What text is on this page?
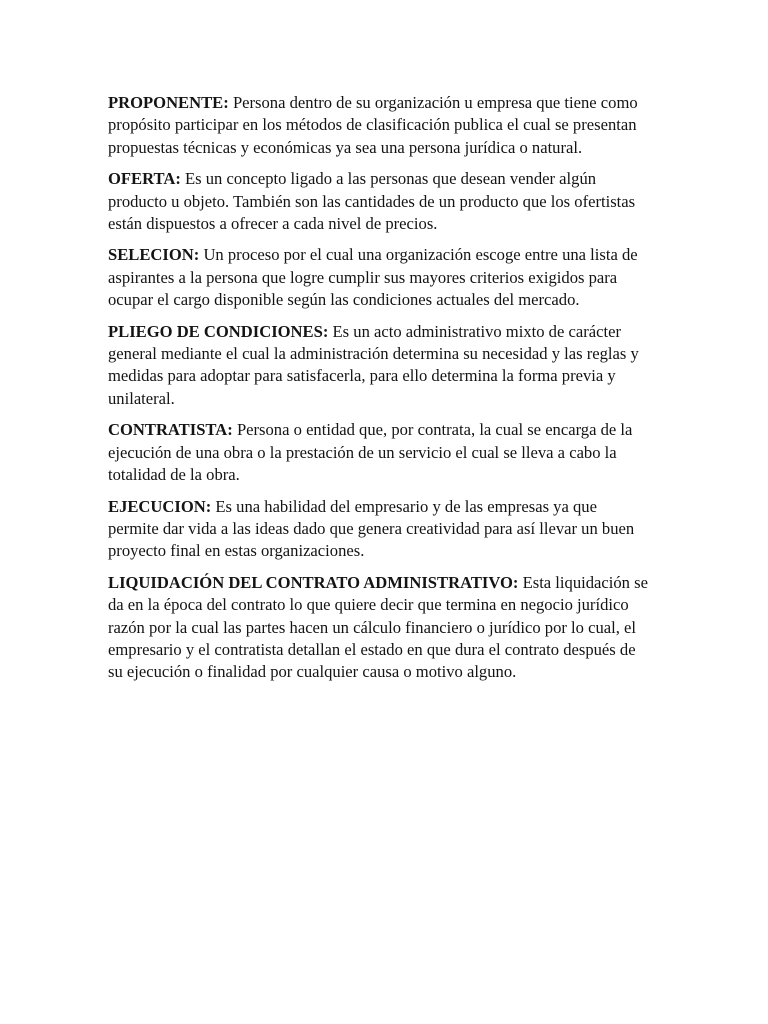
PROPONENTE: Persona dentro de su organización u empresa que tiene como propósito participar en los métodos de clasificación publica el cual se presentan propuestas técnicas y económicas ya sea una persona jurídica o natural.

OFERTA: Es un concepto ligado a las personas que desean vender algún producto u objeto. También son las cantidades de un producto que los ofertistas están dispuestos a ofrecer a cada nivel de precios.

SELECION: Un proceso por el cual una organización escoge entre una lista de aspirantes a la persona que logre cumplir sus mayores criterios exigidos para ocupar el cargo disponible según las condiciones actuales del mercado.

PLIEGO DE CONDICIONES: Es un acto administrativo mixto de carácter general mediante el cual la administración determina su necesidad y las reglas y medidas para adoptar para satisfacerla, para ello determina la forma previa y unilateral.

CONTRATISTA: Persona o entidad que, por contrata, la cual se encarga de la ejecución de una obra o la prestación de un servicio el cual se lleva a cabo la totalidad de la obra.

EJECUCION: Es una habilidad del empresario y de las empresas ya que permite dar vida a las ideas dado que genera creatividad para así llevar un buen proyecto final en estas organizaciones.

LIQUIDACIÓN DEL CONTRATO ADMINISTRATIVO: Esta liquidación se da en la época del contrato lo que quiere decir que termina en negocio jurídico razón por la cual las partes hacen un cálculo financiero o jurídico por lo cual, el empresario y el contratista detallan el estado en que dura el contrato después de su ejecución o finalidad por cualquier causa o motivo alguno.
